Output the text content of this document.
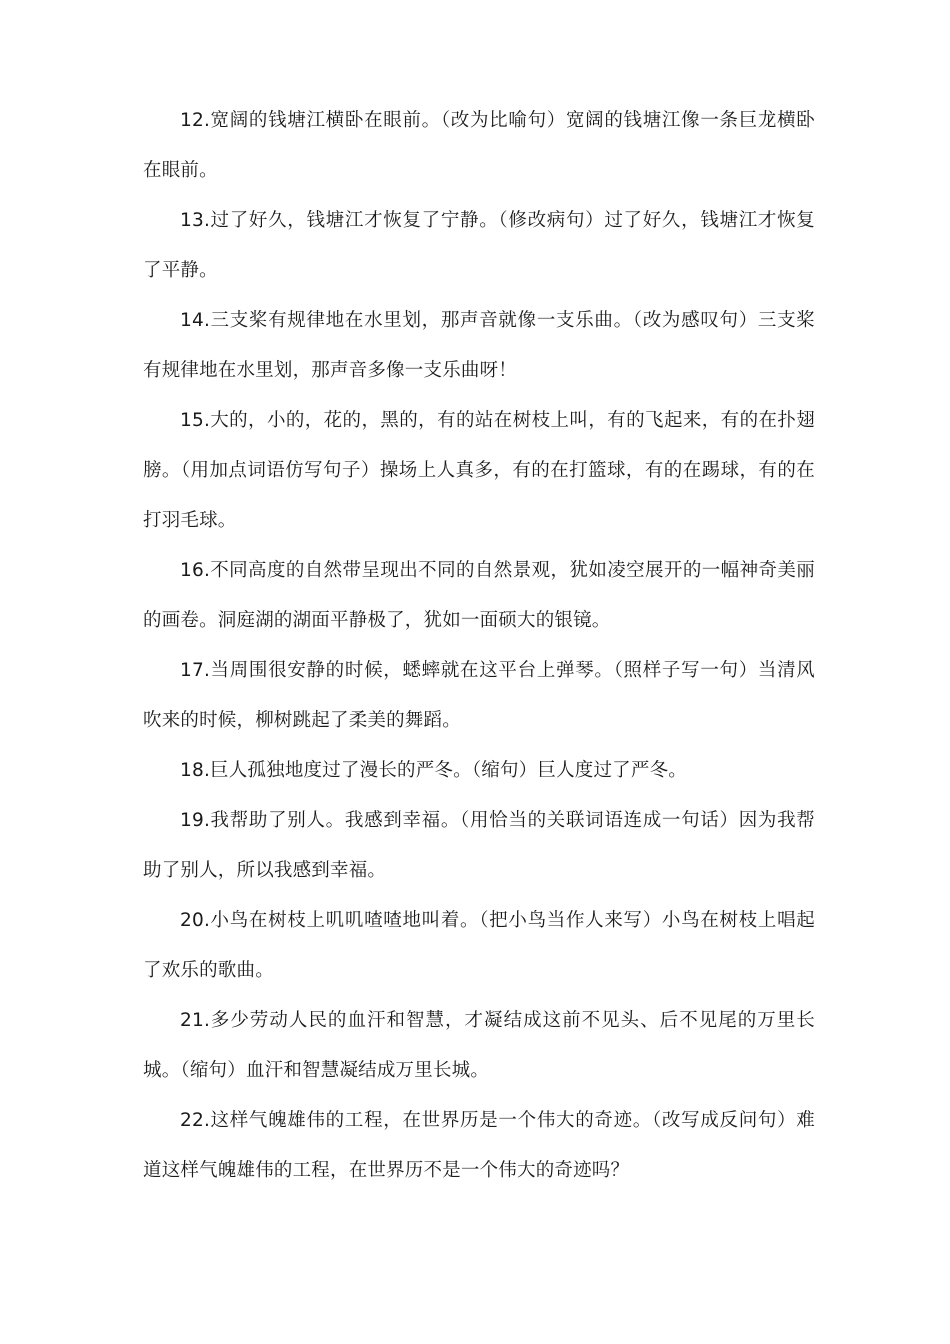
12.宽阔的钱塘江横卧在眼前。（改为比喻句）宽阔的钱塘江像一条巨龙横卧在眼前。

13.过了好久，钱塘江才恢复了宁静。（修改病句）过了好久，钱塘江才恢复了平静。

14.三支桨有规律地在水里划，那声音就像一支乐曲。（改为感叹句）三支桨有规律地在水里划，那声音多像一支乐曲呀！

15.大的，小的，花的，黑的，有的站在树枝上叫，有的飞起来，有的在扑翅膀。（用加点词语仿写句子）操场上人真多，有的在打篮球，有的在踢球，有的在打羽毛球。

16.不同高度的自然带呈现出不同的自然景观，犹如凌空展开的一幅神奇美丽的画卷。洞庭湖的湖面平静极了，犹如一面硕大的银镜。

17.当周围很安静的时候，蟋蟀就在这平台上弹琴。（照样子写一句）当清风吹来的时候，柳树跳起了柔美的舞蹈。

18.巨人孤独地度过了漫长的严冬。（缩句）巨人度过了严冬。

19.我帮助了别人。我感到幸福。（用恰当的关联词语连成一句话）因为我帮助了别人，所以我感到幸福。

20.小鸟在树枝上叽叽喳喳地叫着。（把小鸟当作人来写）小鸟在树枝上唱起了欢乐的歌曲。

21.多少劳动人民的血汗和智慧，才凝结成这前不见头、后不见尾的万里长城。（缩句）血汗和智慧凝结成万里长城。

22.这样气魄雄伟的工程，在世界历是一个伟大的奇迹。（改写成反问句）难道这样气魄雄伟的工程，在世界历不是一个伟大的奇迹吗？
